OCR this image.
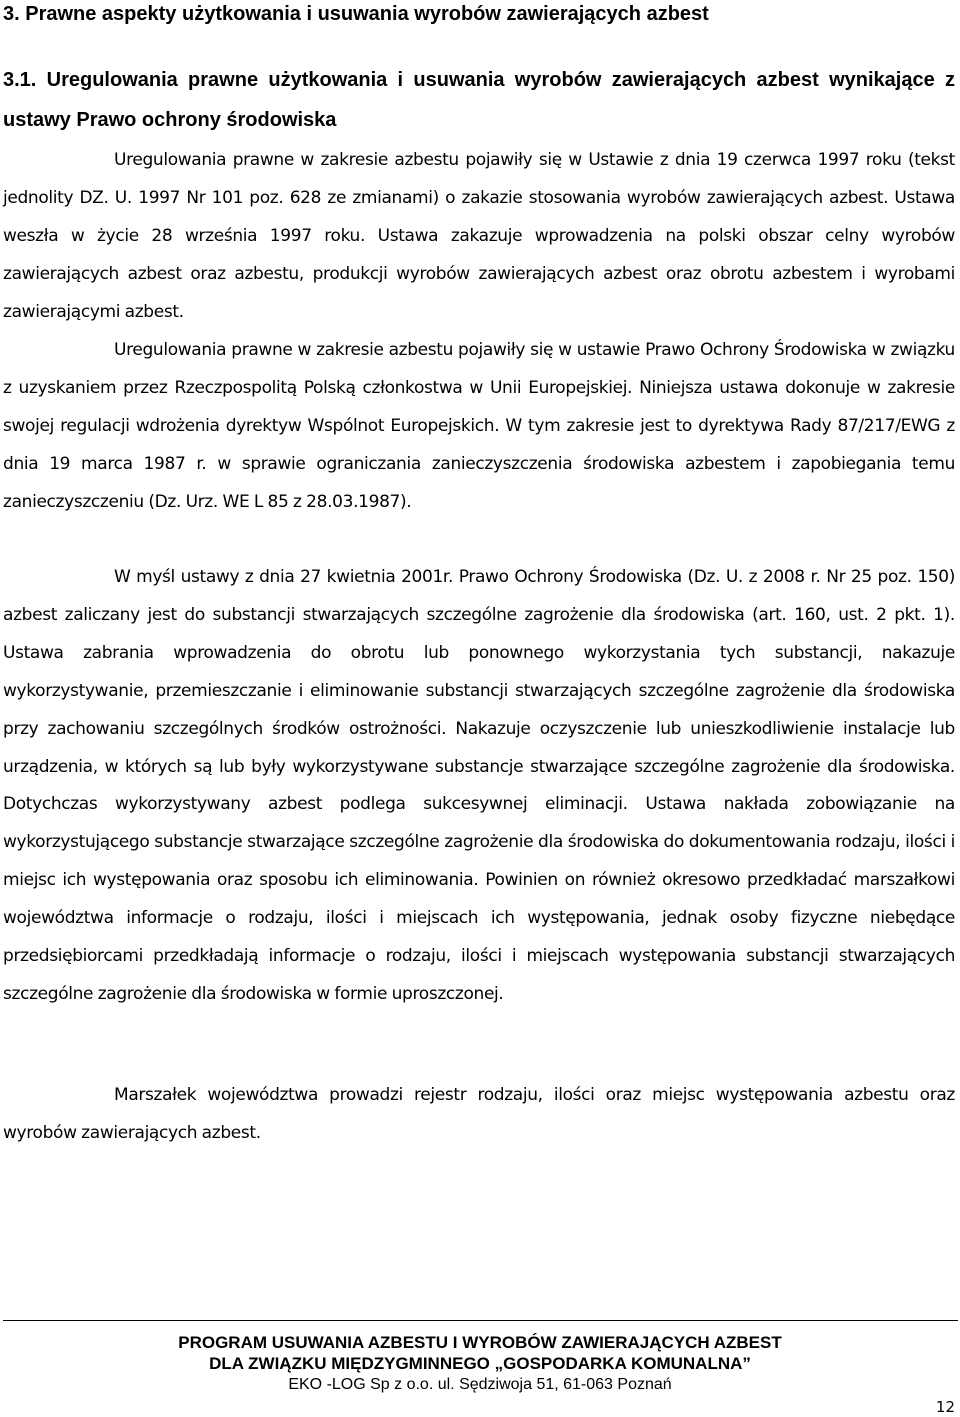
3. Prawne aspekty użytkowania i usuwania wyrobów zawierających azbest
3.1. Uregulowania prawne użytkowania i usuwania wyrobów zawierających azbest wynikające z ustawy Prawo ochrony środowiska

Uregulowania prawne w zakresie azbestu pojawiły się w Ustawie z dnia 19 czerwca 1997 roku (tekst jednolity DZ. U. 1997 Nr 101 poz. 628 ze zmianami) o zakazie stosowania wyrobów zawierających azbest. Ustawa weszła w życie 28 września 1997 roku. Ustawa zakazuje wprowadzenia na polski obszar celny wyrobów zawierających azbest oraz azbestu, produkcji wyrobów zawierających azbest oraz obrotu azbestem i wyrobami zawierającymi azbest.

Uregulowania prawne w zakresie azbestu pojawiły się w ustawie Prawo Ochrony Środowiska w związku z uzyskaniem przez Rzeczpospolitą Polską członkostwa w Unii Europejskiej. Niniejsza ustawa dokonuje w zakresie swojej regulacji wdrożenia dyrektyw Wspólnot Europejskich. W tym zakresie jest to dyrektywa Rady 87/217/EWG z dnia 19 marca 1987 r. w sprawie ograniczania zanieczyszczenia środowiska azbestem i zapobiegania temu zanieczyszczeniu (Dz. Urz. WE L 85 z 28.03.1987).

W myśl ustawy z dnia 27 kwietnia 2001r. Prawo Ochrony Środowiska (Dz. U. z 2008 r. Nr 25 poz. 150) azbest zaliczany jest do substancji stwarzających szczególne zagrożenie dla środowiska (art. 160, ust. 2 pkt. 1). Ustawa zabrania wprowadzenia do obrotu lub ponownego wykorzystania tych substancji, nakazuje wykorzystywanie, przemieszczanie i eliminowanie substancji stwarzających szczególne zagrożenie dla środowiska przy zachowaniu szczególnych środków ostrożności. Nakazuje oczyszczenie lub unieszkodliwienie instalacje lub urządzenia, w których są lub były wykorzystywane substancje stwarzające szczególne zagrożenie dla środowiska. Dotychczas wykorzystywany azbest podlega sukcesywnej eliminacji. Ustawa nakłada zobowiązanie na wykorzystującego substancje stwarzające szczególne zagrożenie dla środowiska do dokumentowania rodzaju, ilości i miejsc ich występowania oraz sposobu ich eliminowania. Powinien on również okresowo przedkładać marszałkowi województwa informacje o rodzaju, ilości i miejscach ich występowania, jednak osoby fizyczne niebędące przedsiębiorcami przedkładają informacje o rodzaju, ilości i miejscach występowania substancji stwarzających szczególne zagrożenie dla środowiska w formie uproszczonej.

Marszałek województwa prowadzi rejestr rodzaju, ilości oraz miejsc występowania azbestu oraz wyrobów zawierających azbest.

PROGRAM USUWANIA AZBESTU I WYROBÓW ZAWIERAJĄCYCH AZBEST
DLA ZWIĄZKU MIĘDZYGMINNEGO „GOSPODARKA KOMUNALNA”
EKO -LOG Sp z o.o. ul. Sędziwoja 51, 61-063 Poznań
12
